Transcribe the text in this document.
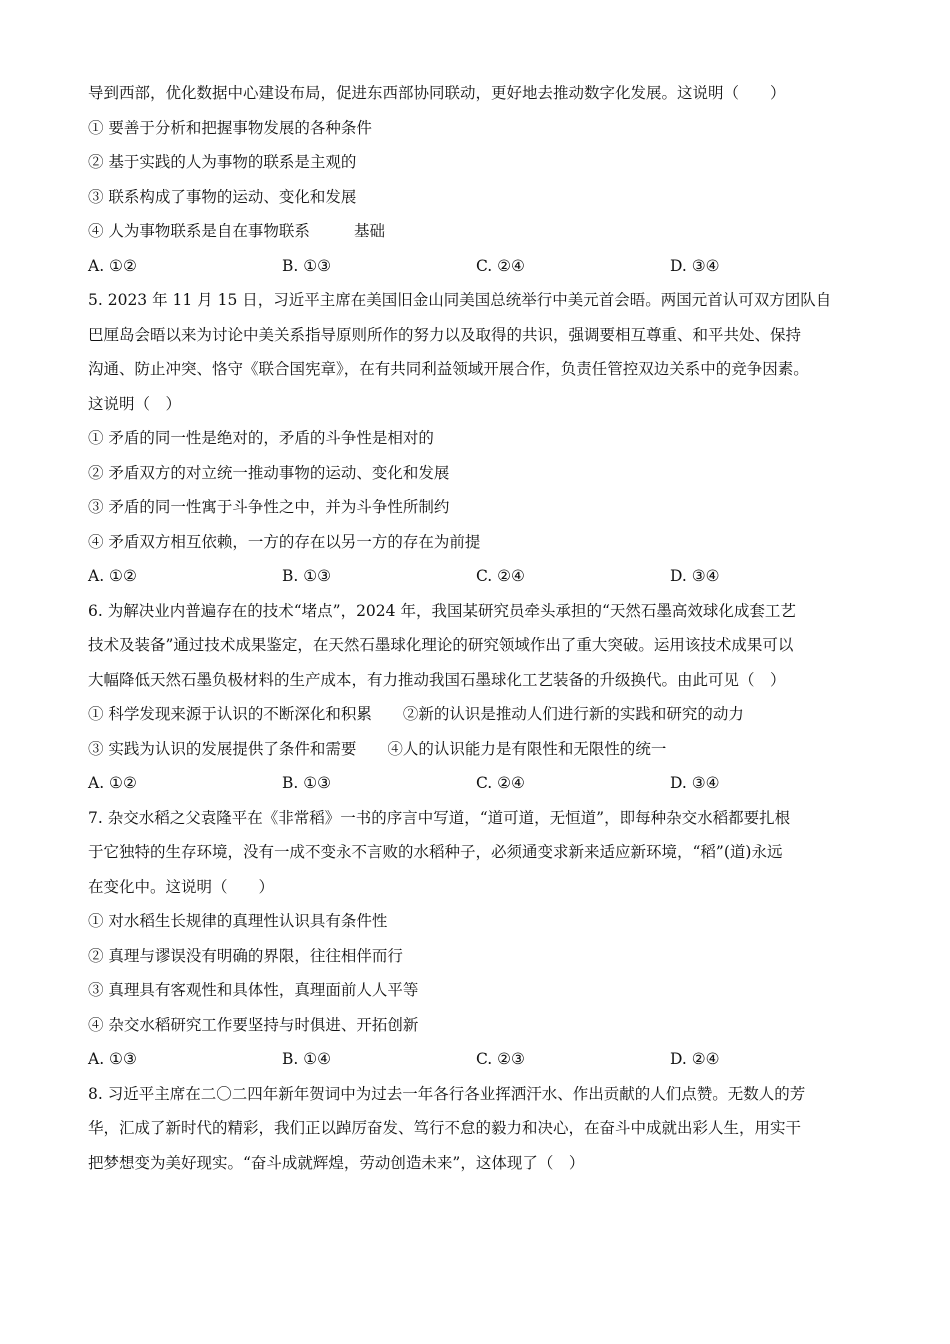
导到西部，优化数据中心建设布局，促进东西部协同联动，更好地去推动数字化发展。这说明（　　）
① 要善于分析和把握事物发展的各种条件
② 基于实践的人为事物的联系是主观的
③ 联系构成了事物的运动、变化和发展
④ 人为事物联系是自在事物联系	基础
A. ①②	B. ①③	C. ②④	D. ③④
5. 2023 年 11 月 15 日，习近平主席在美国旧金山同美国总统举行中美元首会晤。两国元首认可双方团队自
巴厘岛会晤以来为讨论中美关系指导原则所作的努力以及取得的共识，强调要相互尊重、和平共处、保持
沟通、防止冲突、恪守《联合国宪章》，在有共同利益领域开展合作，负责任管控双边关系中的竞争因素。
这说明（　）
① 矛盾的同一性是绝对的，矛盾的斗争性是相对的
② 矛盾双方的对立统一推动事物的运动、变化和发展
③ 矛盾的同一性寓于斗争性之中，并为斗争性所制约
④ 矛盾双方相互依赖，一方的存在以另一方的存在为前提
A. ①②	B. ①③	C. ②④	D. ③④
6. 为解决业内普遍存在的技术“堵点”，2024 年，我国某研究员牵头承担的“天然石墨高效球化成套工艺
技术及装备”通过技术成果鉴定，在天然石墨球化理论的研究领域作出了重大突破。运用该技术成果可以
大幅降低天然石墨负极材料的生产成本，有力推动我国石墨球化工艺装备的升级换代。由此可见（　）
① 科学发现来源于认识的不断深化和积累　　②新的认识是推动人们进行新的实践和研究的动力
③ 实践为认识的发展提供了条件和需要　　④人的认识能力是有限性和无限性的统一
A. ①②	B. ①③	C. ②④	D. ③④
7. 杂交水稻之父袁隆平在《非常稻》一书的序言中写道，“道可道，无恒道”，即每种杂交水稻都要扎根
于它独特的生存环境，没有一成不变永不言败的水稻种子，必须通变求新来适应新环境，“稻”(道)永远
在变化中。这说明（　　）
① 对水稻生长规律的真理性认识具有条件性
② 真理与谬误没有明确的界限，往往相伴而行
③ 真理具有客观性和具体性，真理面前人人平等
④ 杂交水稻研究工作要坚持与时俱进、开拓创新
A. ①③	B. ①④	C. ②③	D. ②④
8. 习近平主席在二〇二四年新年贺词中为过去一年各行各业挥洒汗水、作出贡献的人们点赞。无数人的芳
华，汇成了新时代的精彩，我们正以踔厉奋发、笃行不怠的毅力和决心，在奋斗中成就出彩人生，用实干
把梦想变为美好现实。“奋斗成就辉煌，劳动创造未来”，这体现了（　）
